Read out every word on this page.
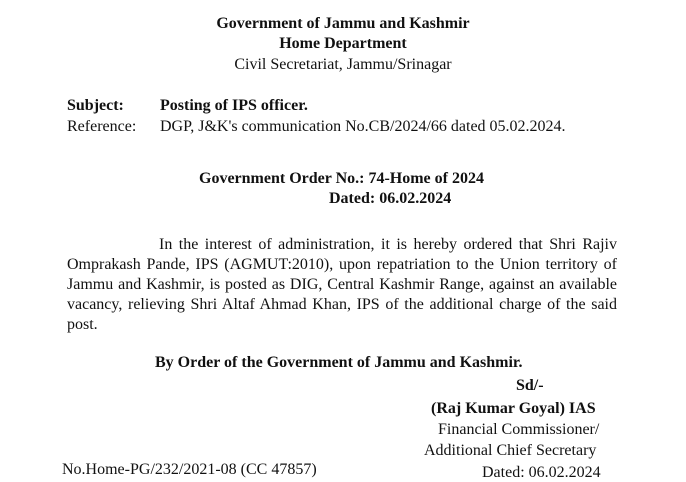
Government of Jammu and Kashmir
Home Department
Civil Secretariat, Jammu/Srinagar
Subject: Posting of IPS officer.
Reference: DGP, J&K's communication No.CB/2024/66 dated 05.02.2024.
Government Order No.: 74-Home of 2024
Dated: 06.02.2024
In the interest of administration, it is hereby ordered that Shri Rajiv Omprakash Pande, IPS (AGMUT:2010), upon repatriation to the Union territory of Jammu and Kashmir, is posted as DIG, Central Kashmir Range, against an available vacancy, relieving Shri Altaf Ahmad Khan, IPS of the additional charge of the said post.
By Order of the Government of Jammu and Kashmir.
Sd/-
(Raj Kumar Goyal) IAS
Financial Commissioner/
Additional Chief Secretary
No.Home-PG/232/2021-08 (CC 47857)	Dated: 06.02.2024
